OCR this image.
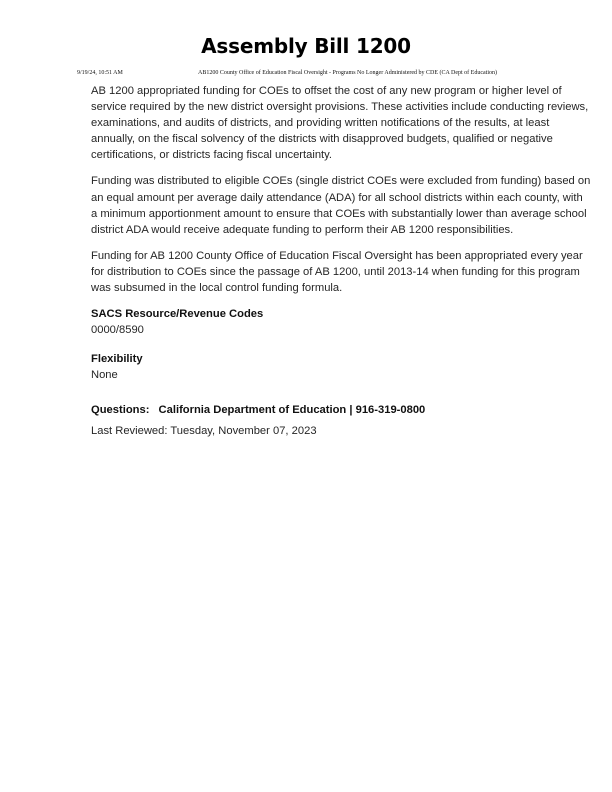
Assembly Bill 1200
9/19/24, 10:51 AM	AB1200 County Office of Education Fiscal Oversight - Programs No Longer Administered by CDE (CA Dept of Education)

AB 1200 appropriated funding for COEs to offset the cost of any new program or higher level of service required by the new district oversight provisions. These activities include conducting reviews, examinations, and audits of districts, and providing written notifications of the results, at least annually, on the fiscal solvency of the districts with disapproved budgets, qualified or negative certifications, or districts facing fiscal uncertainty.

Funding was distributed to eligible COEs (single district COEs were excluded from funding) based on an equal amount per average daily attendance (ADA) for all school districts within each county, with a minimum apportionment amount to ensure that COEs with substantially lower than average school district ADA would receive adequate funding to perform their AB 1200 responsibilities.

Funding for AB 1200 County Office of Education Fiscal Oversight has been appropriated every year for distribution to COEs since the passage of AB 1200, until 2013-14 when funding for this program was subsumed in the local control funding formula.

SACS Resource/Revenue Codes
0000/8590
Flexibility
None
Questions: California Department of Education | 916-319-0800
Last Reviewed: Tuesday, November 07, 2023
